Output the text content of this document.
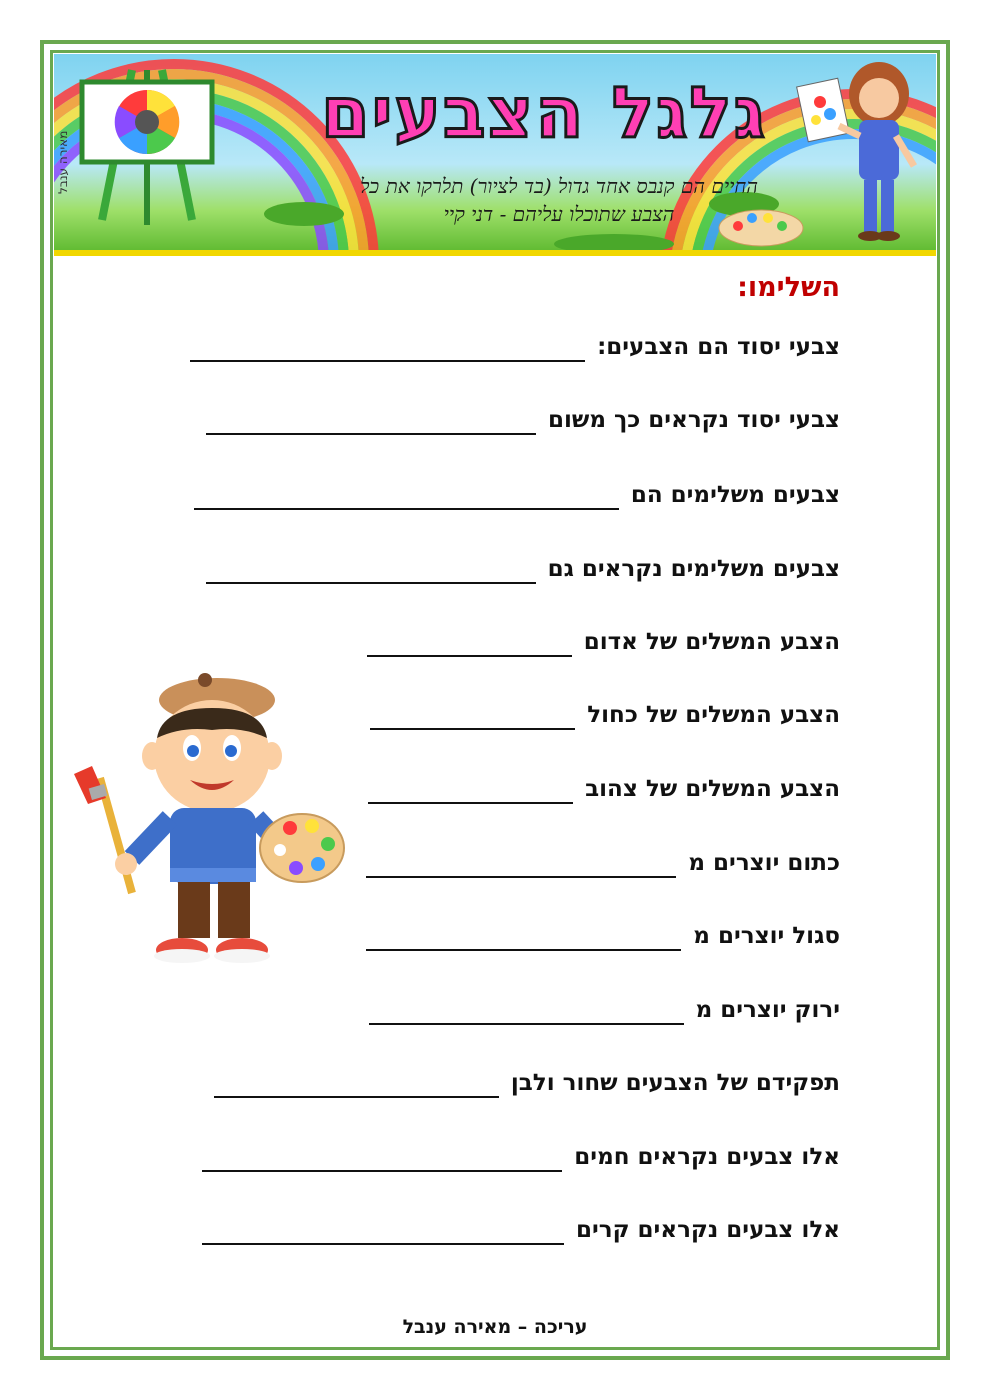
גלגל הצבעים
החיים הם קנבס אחד גדול (בד לציור) תלרקו את כל
הצבע שתוכלו עליהם - דני קיי
מאירה ענבל
השלימו:
צבעי יסוד הם הצבעים:
צבעי יסוד נקראים כך משום
צבעים משלימים הם
צבעים משלימים נקראים גם
הצבע המשלים של אדום
הצבע המשלים של כחול
הצבע המשלים של צהוב
כתום יוצרים מ
סגול יוצרים מ
ירוק יוצרים מ
תפקידם של הצבעים שחור ולבן
אלו צבעים נקראים חמים
אלו צבעים נקראים קרים
עריכה – מאירה ענבל
